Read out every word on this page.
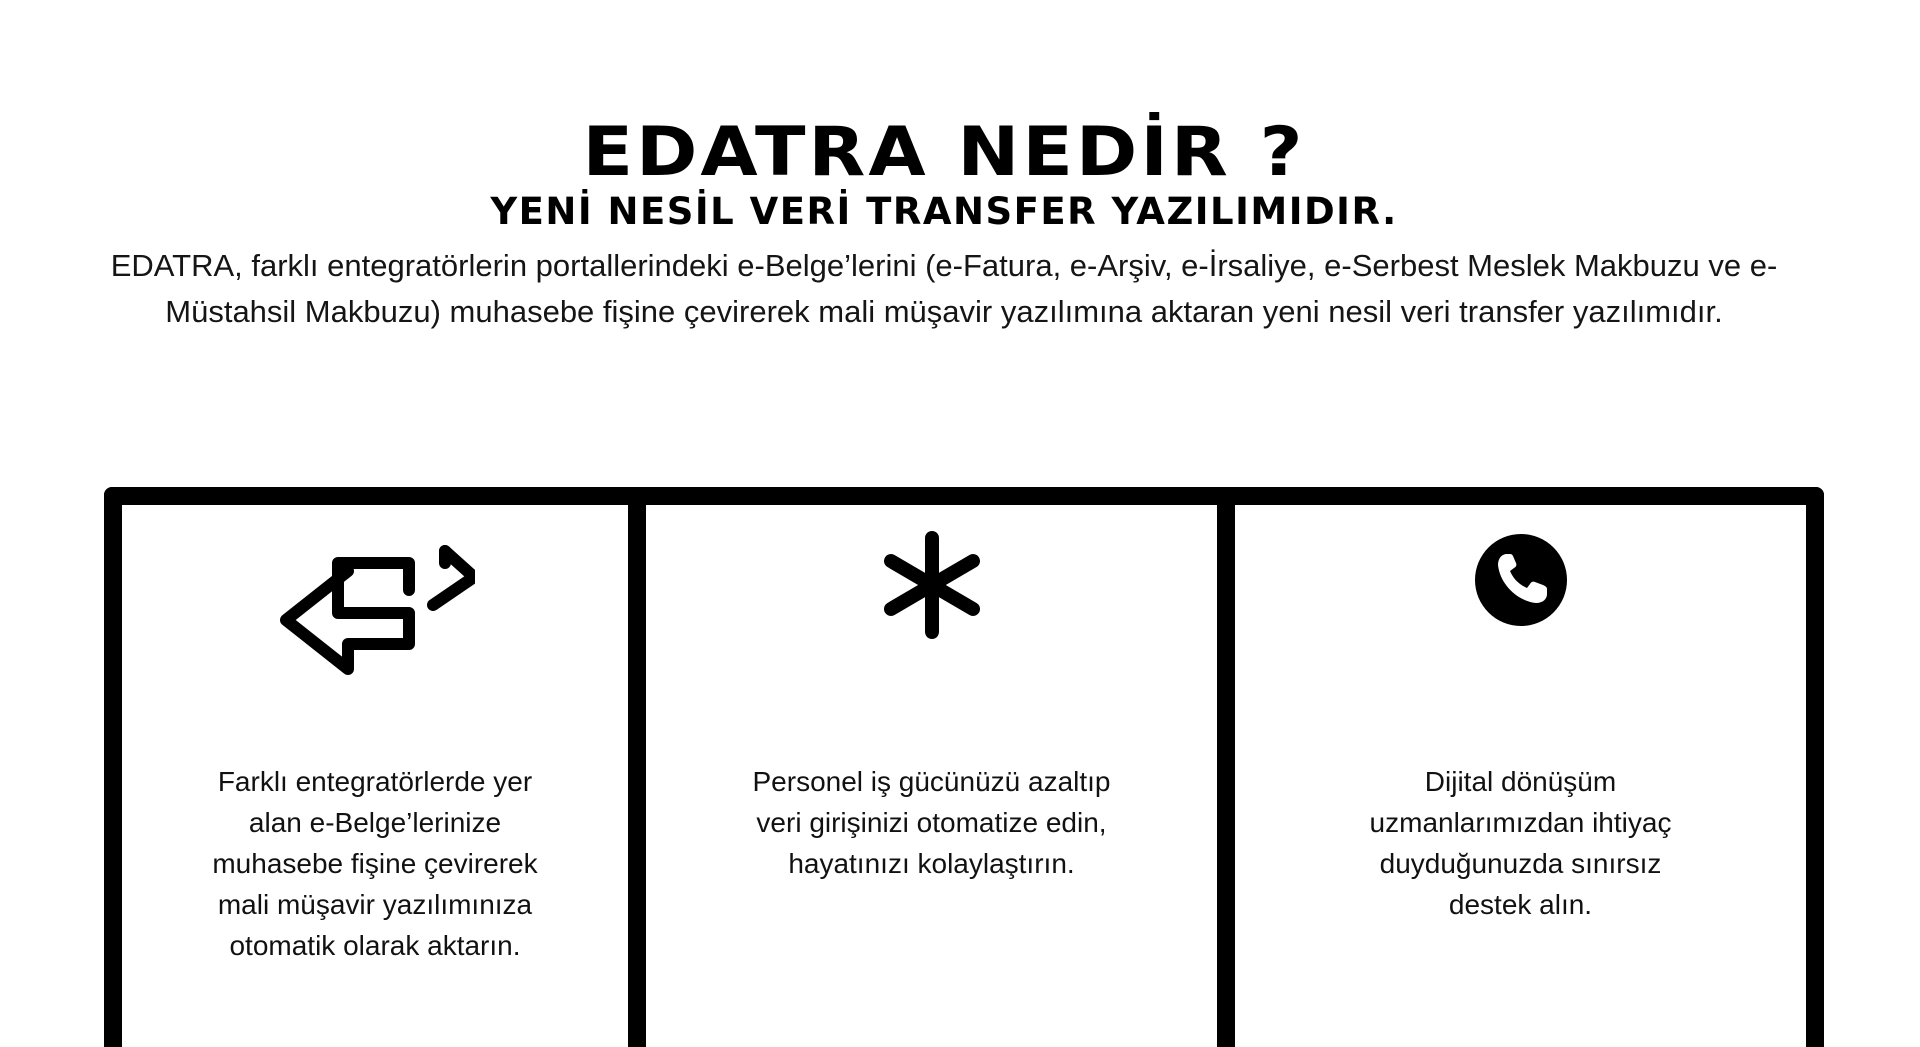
EDATRA NEDİR ?
YENİ NESİL VERİ TRANSFER YAZILIMIDIR.

EDATRA, farklı entegratörlerin portallerindeki e-Belge’lerini (e-Fatura, e-Arşiv, e-İrsaliye, e-Serbest Meslek Makbuzu ve e-Müstahsil Makbuzu) muhasebe fişine çevirerek mali müşavir yazılımına aktaran yeni nesil veri transfer yazılımıdır.

Farklı entegratörlerde yer alan e-Belge’lerinize muhasebe fişine çevirerek mali müşavir yazılımınıza otomatik olarak aktarın.

Personel iş gücünüzü azaltıp veri girişinizi otomatize edin, hayatınızı kolaylaştırın.

Dijital dönüşüm uzmanlarımızdan ihtiyaç duyduğunuzda sınırsız destek alın.
